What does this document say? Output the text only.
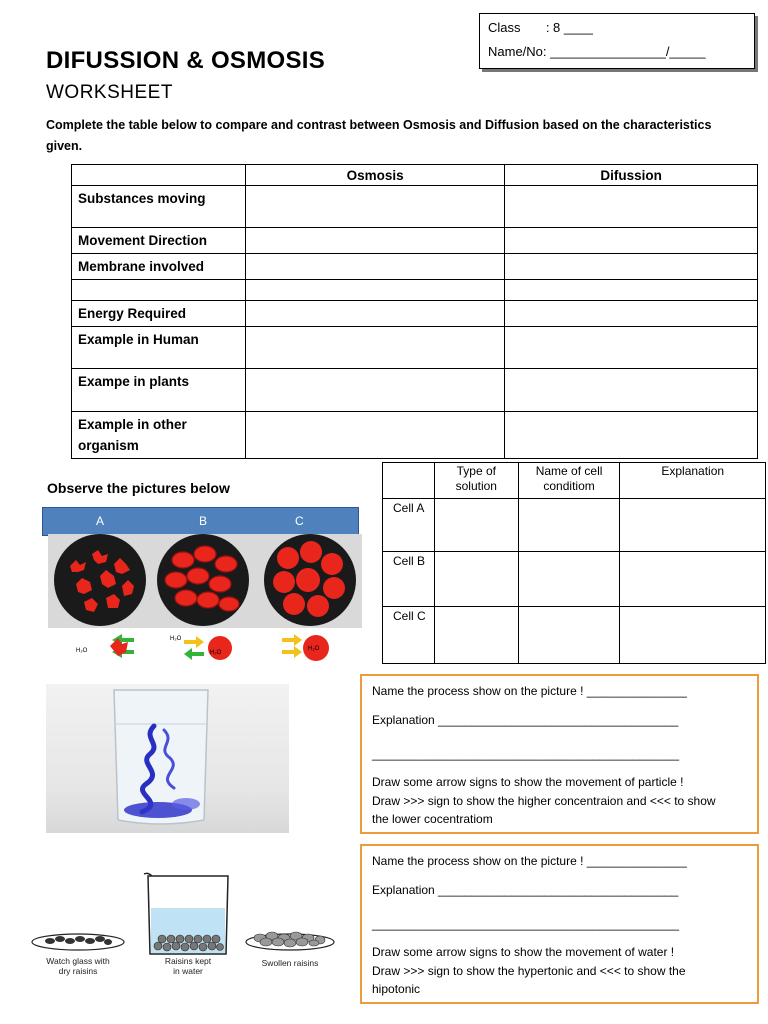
Class : 8 ____
Name/No: ________________/_____
DIFUSSION & OSMOSIS
WORKSHEET
Complete the table below to compare and contrast between Osmosis and Diffusion based on the characteristics given.
	Osmosis	Difussion
Substances moving		
Movement Direction		
Membrane involved		

Energy Required		
Example in Human		
Exampe in plants		
Example in other organism		
Observe the pictures below
A	B	C
H₂O
H₂O
H₂O
H₂O
	Type of solution	Name of cell conditiom	Explanation
Cell A			
Cell B			
Cell C			
Name the process show on the picture ! _______________
Explanation ____________________________________
______________________________________________
Draw some arrow signs to show the movement of particle !
Draw >>> sign to show the higher concentraion and <<< to show
the lower cocentratiom
Watch glass with
dry raisins
Raisins kept
in water
Swollen raisins
Name the process show on the picture ! _______________
Explanation ____________________________________
______________________________________________
Draw some arrow signs to show the movement of water !
Draw >>> sign to show the hypertonic and <<< to show the
hipotonic
